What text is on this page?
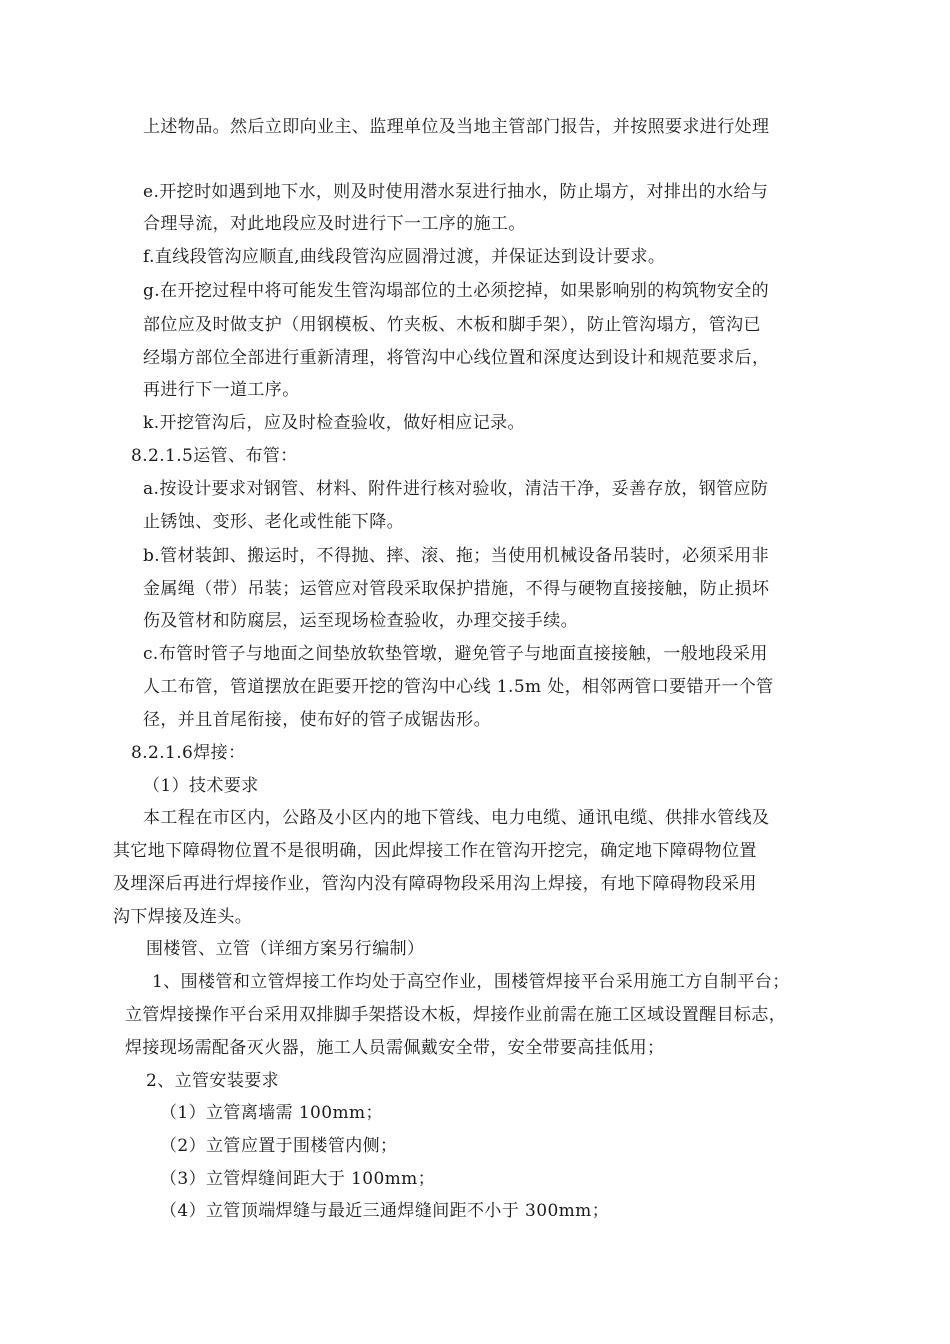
上述物品。然后立即向业主、监理单位及当地主管部门报告，并按照要求进行处理
e.开挖时如遇到地下水，则及时使用潜水泵进行抽水，防止塌方，对排出的水给与
合理导流，对此地段应及时进行下一工序的施工。
f.直线段管沟应顺直,曲线段管沟应圆滑过渡，并保证达到设计要求。
g.在开挖过程中将可能发生管沟塌部位的土必须挖掉，如果影响别的构筑物安全的
部位应及时做支护（用钢模板、竹夹板、木板和脚手架），防止管沟塌方，管沟已
经塌方部位全部进行重新清理，将管沟中心线位置和深度达到设计和规范要求后，
再进行下一道工序。
k.开挖管沟后，应及时检查验收，做好相应记录。
8.2.1.5运管、布管：
a.按设计要求对钢管、材料、附件进行核对验收，清洁干净，妥善存放，钢管应防
止锈蚀、变形、老化或性能下降。
b.管材装卸、搬运时，不得抛、摔、滚、拖；当使用机械设备吊装时，必须采用非
金属绳（带）吊装；运管应对管段采取保护措施，不得与硬物直接接触，防止损坏
伤及管材和防腐层，运至现场检查验收，办理交接手续。
c.布管时管子与地面之间垫放软垫管墩，避免管子与地面直接接触，一般地段采用
人工布管，管道摆放在距要开挖的管沟中心线 1.5m 处，相邻两管口要错开一个管
径，并且首尾衔接，使布好的管子成锯齿形。
8.2.1.6焊接：
（1）技术要求
本工程在市区内，公路及小区内的地下管线、电力电缆、通讯电缆、供排水管线及
其它地下障碍物位置不是很明确，因此焊接工作在管沟开挖完，确定地下障碍物位置
及埋深后再进行焊接作业，管沟内没有障碍物段采用沟上焊接，有地下障碍物段采用
沟下焊接及连头。
围楼管、立管（详细方案另行编制）
1、围楼管和立管焊接工作均处于高空作业，围楼管焊接平台采用施工方自制平台；
立管焊接操作平台采用双排脚手架搭设木板，焊接作业前需在施工区域设置醒目标志，
焊接现场需配备灭火器，施工人员需佩戴安全带，安全带要高挂低用；
2、立管安装要求
（1）立管离墙需 100mm；
（2）立管应置于围楼管内侧；
（3）立管焊缝间距大于 100mm；
（4）立管顶端焊缝与最近三通焊缝间距不小于 300mm；
